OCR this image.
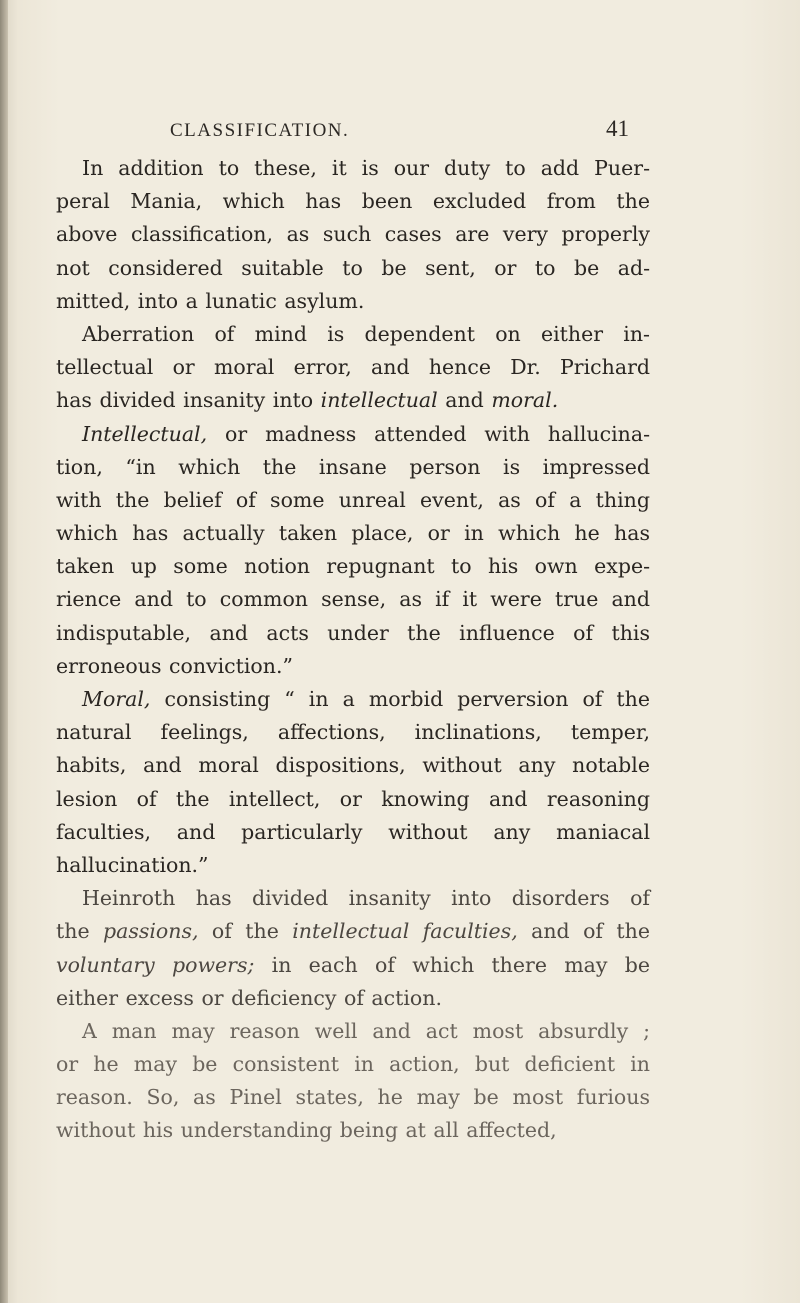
CLASSIFICATION.	41
In addition to these, it is our duty to add Puer-
peral Mania, which has been excluded from the
above classification, as such cases are very properly
not considered suitable to be sent, or to be ad-
mitted, into a lunatic asylum.
Aberration of mind is dependent on either in-
tellectual or moral error, and hence Dr. Prichard
has divided insanity into intellectual and moral.
Intellectual, or madness attended with hallucina-
tion, “in which the insane person is impressed
with the belief of some unreal event, as of a thing
which has actually taken place, or in which he has
taken up some notion repugnant to his own expe-
rience and to common sense, as if it were true and
indisputable, and acts under the influence of this
erroneous conviction.”
Moral, consisting “ in a morbid perversion of the
natural feelings, affections, inclinations, temper,
habits, and moral dispositions, without any notable
lesion of the intellect, or knowing and reasoning
faculties, and particularly without any maniacal
hallucination.”
Heinroth has divided insanity into disorders of
the passions, of the intellectual faculties, and of the
voluntary powers; in each of which there may be
either excess or deficiency of action.
A man may reason well and act most absurdly ;
or he may be consistent in action, but deficient in
reason. So, as Pinel states, he may be most furious
without his understanding being at all affected,
